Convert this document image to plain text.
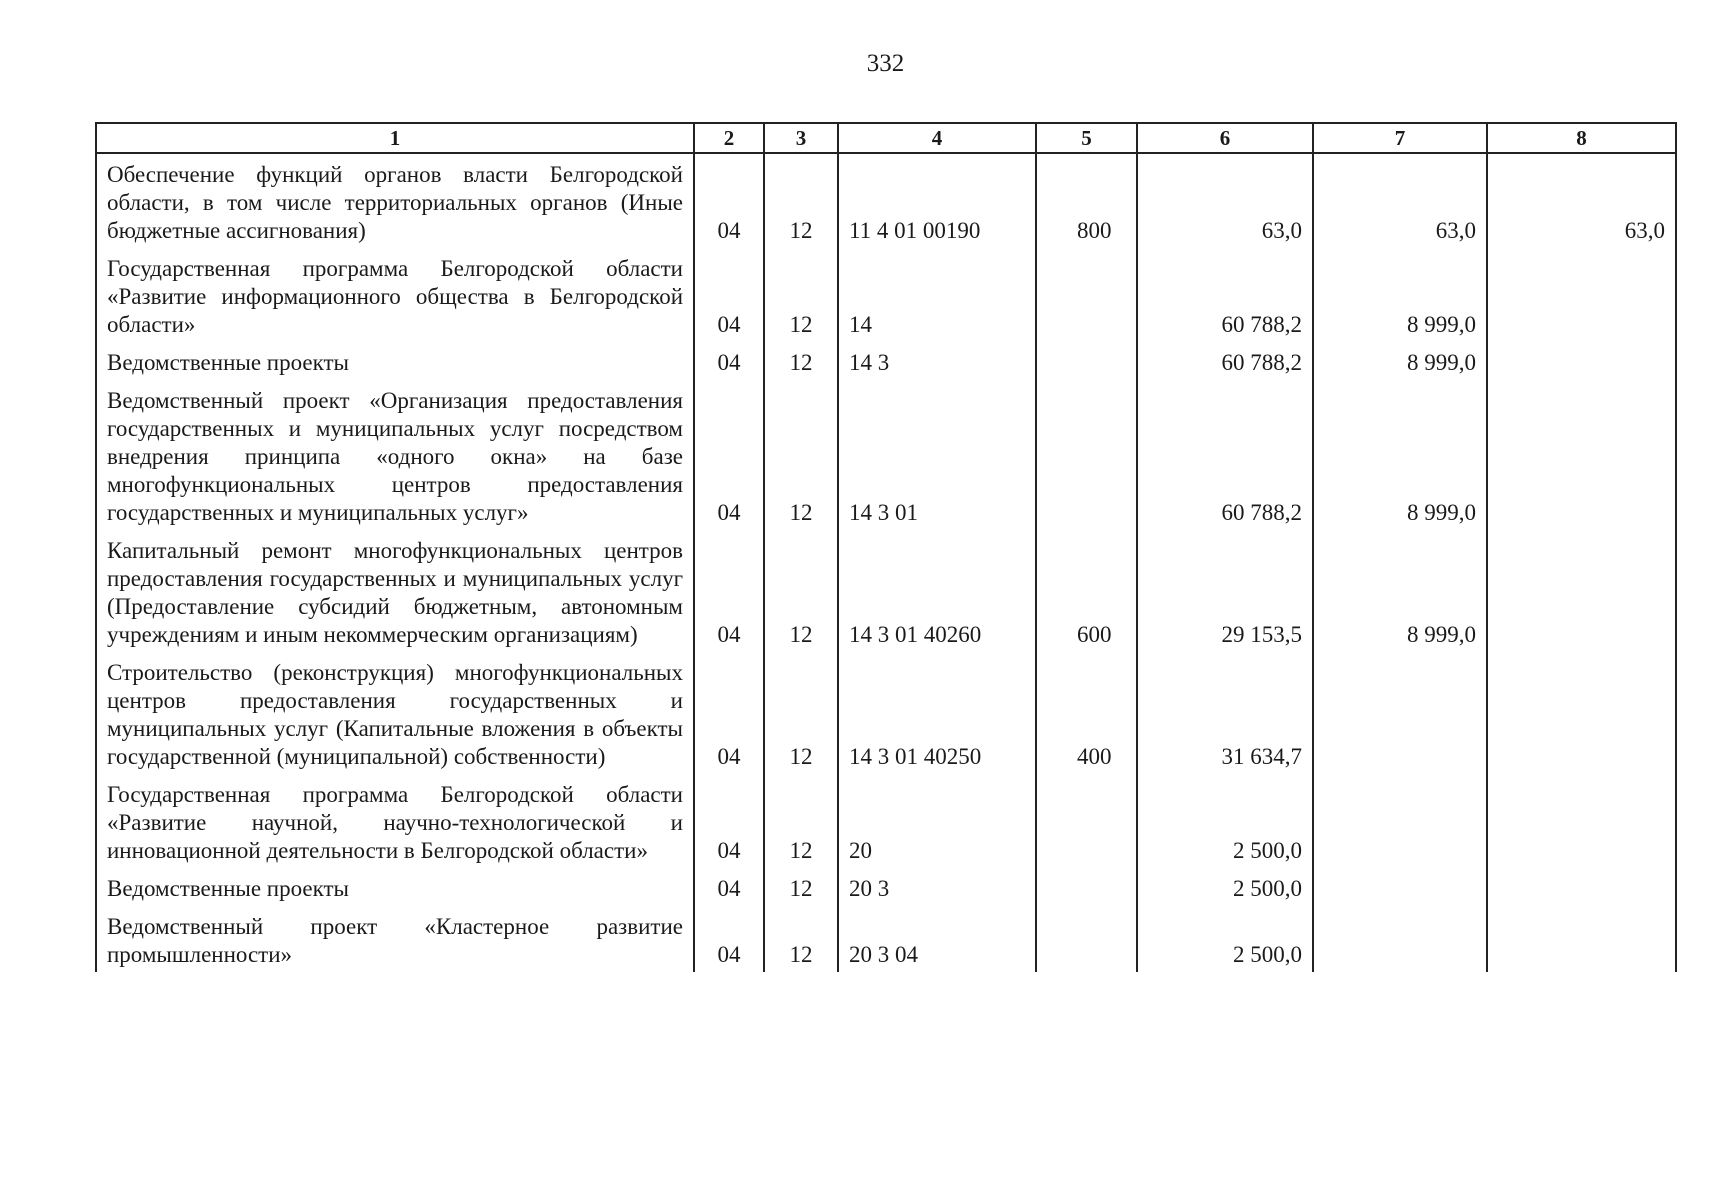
332
1	2	3	4	5	6	7	8
Обеспечение функций органов власти Белгородской области, в том числе территориальных органов (Иные бюджетные ассигнования)	04	12	11 4 01 00190	800	63,0	63,0	63,0
Государственная программа Белгородской области «Развитие информационного общества в Белгородской области»	04	12	14		60 788,2	8 999,0	
Ведомственные проекты	04	12	14 3		60 788,2	8 999,0	
Ведомственный проект «Организация предоставления государственных и муниципальных услуг посредством внедрения принципа «одного окна» на базе многофункциональных центров предоставления государственных и муниципальных услуг»	04	12	14 3 01		60 788,2	8 999,0	
Капитальный ремонт многофункциональных центров предоставления государственных и муниципальных услуг (Предоставление субсидий бюджетным, автономным учреждениям и иным некоммерческим организациям)	04	12	14 3 01 40260	600	29 153,5	8 999,0	
Строительство (реконструкция) многофункциональных центров предоставления государственных и муниципальных услуг (Капитальные вложения в объекты государственной (муниципальной) собственности)	04	12	14 3 01 40250	400	31 634,7		
Государственная программа Белгородской области «Развитие научной, научно-технологической и инновационной деятельности в Белгородской области»	04	12	20		2 500,0		
Ведомственные проекты	04	12	20 3		2 500,0		
Ведомственный проект «Кластерное развитие промышленности»	04	12	20 3 04		2 500,0		
